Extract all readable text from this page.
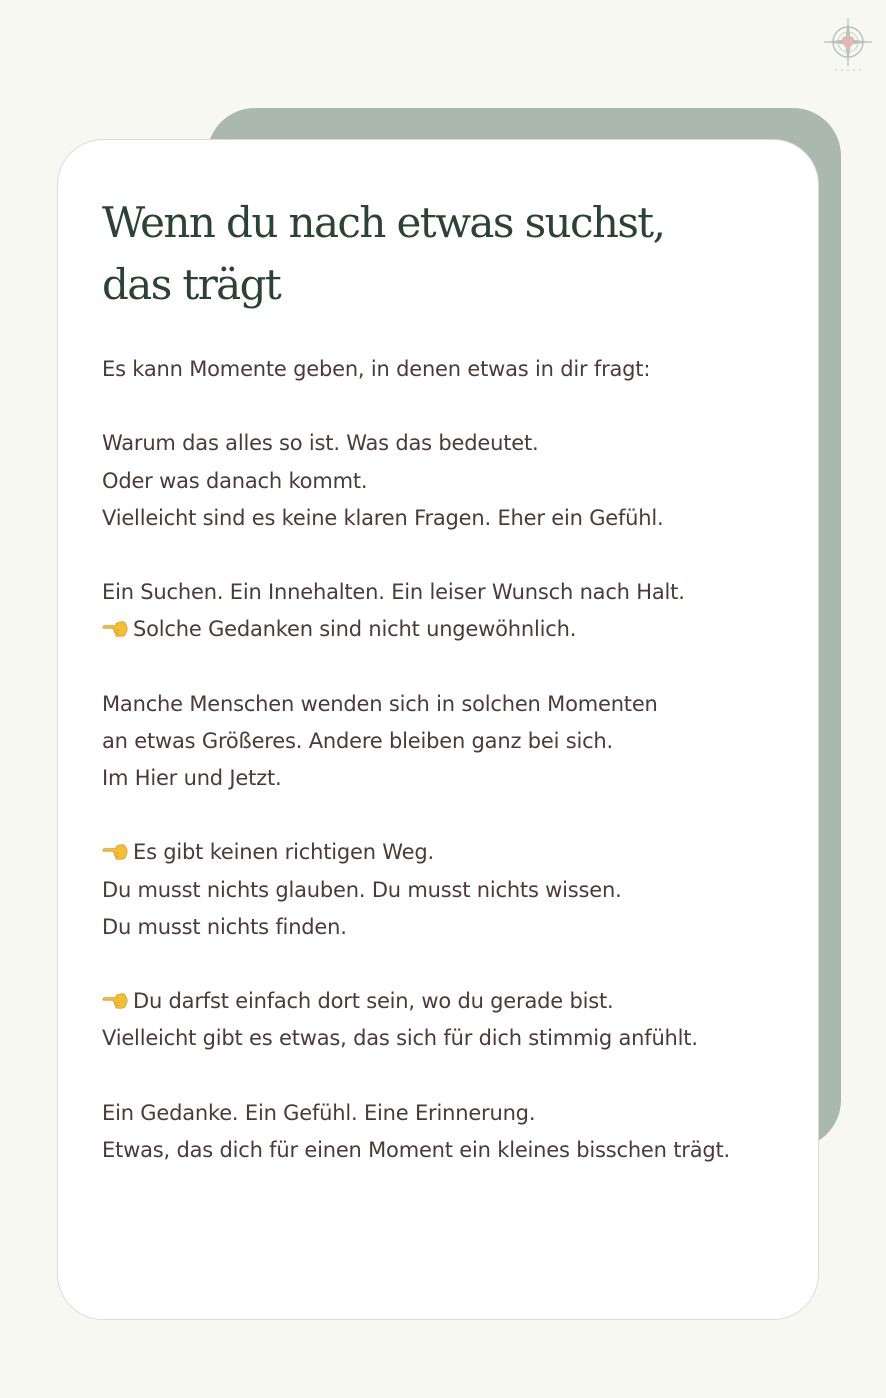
Wenn du nach etwas suchst,
das trägt
Es kann Momente geben, in denen etwas in dir fragt:
Warum das alles so ist. Was das bedeutet.
Oder was danach kommt.
Vielleicht sind es keine klaren Fragen. Eher ein Gefühl.
Ein Suchen. Ein Innehalten. Ein leiser Wunsch nach Halt.
Solche Gedanken sind nicht ungewöhnlich.
Manche Menschen wenden sich in solchen Momenten
an etwas Größeres. Andere bleiben ganz bei sich.
Im Hier und Jetzt.
Es gibt keinen richtigen Weg.
Du musst nichts glauben. Du musst nichts wissen.
Du musst nichts finden.
Du darfst einfach dort sein, wo du gerade bist.
Vielleicht gibt es etwas, das sich für dich stimmig anfühlt.
Ein Gedanke. Ein Gefühl. Eine Erinnerung.
Etwas, das dich für einen Moment ein kleines bisschen trägt.
